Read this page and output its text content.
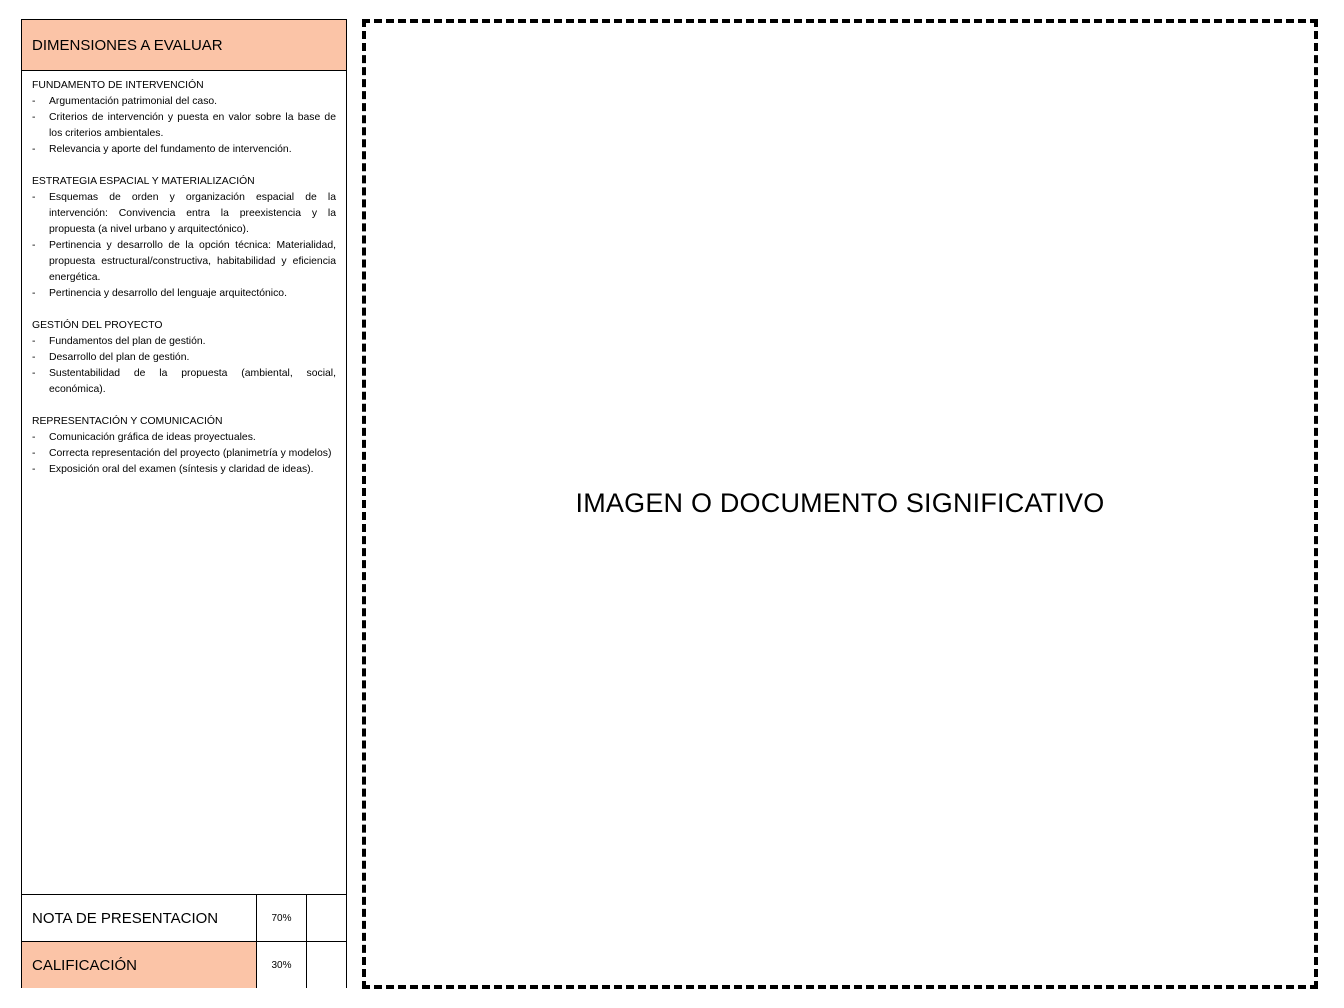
DIMENSIONES A EVALUAR
FUNDAMENTO DE INTERVENCIÓN
- Argumentación patrimonial del caso.
- Criterios de intervención y puesta en valor sobre la base de los criterios ambientales.
- Relevancia y aporte del fundamento de intervención.
ESTRATEGIA ESPACIAL Y MATERIALIZACIÓN
- Esquemas de orden y organización espacial de la intervención: Convivencia entra la preexistencia y la propuesta (a nivel urbano y arquitectónico).
- Pertinencia y desarrollo de la opción técnica: Materialidad, propuesta estructural/constructiva, habitabilidad y eficiencia energética.
- Pertinencia y desarrollo del lenguaje arquitectónico.
GESTIÓN DEL PROYECTO
- Fundamentos del plan de gestión.
- Desarrollo del plan de gestión.
- Sustentabilidad de la propuesta (ambiental, social, económica).
REPRESENTACIÓN Y COMUNICACIÓN
- Comunicación gráfica de ideas proyectuales.
- Correcta representación del proyecto (planimetría y modelos)
- Exposición oral del examen (síntesis y claridad de ideas).
NOTA DE PRESENTACION	70%
CALIFICACIÓN	30%
IMAGEN O DOCUMENTO SIGNIFICATIVO
